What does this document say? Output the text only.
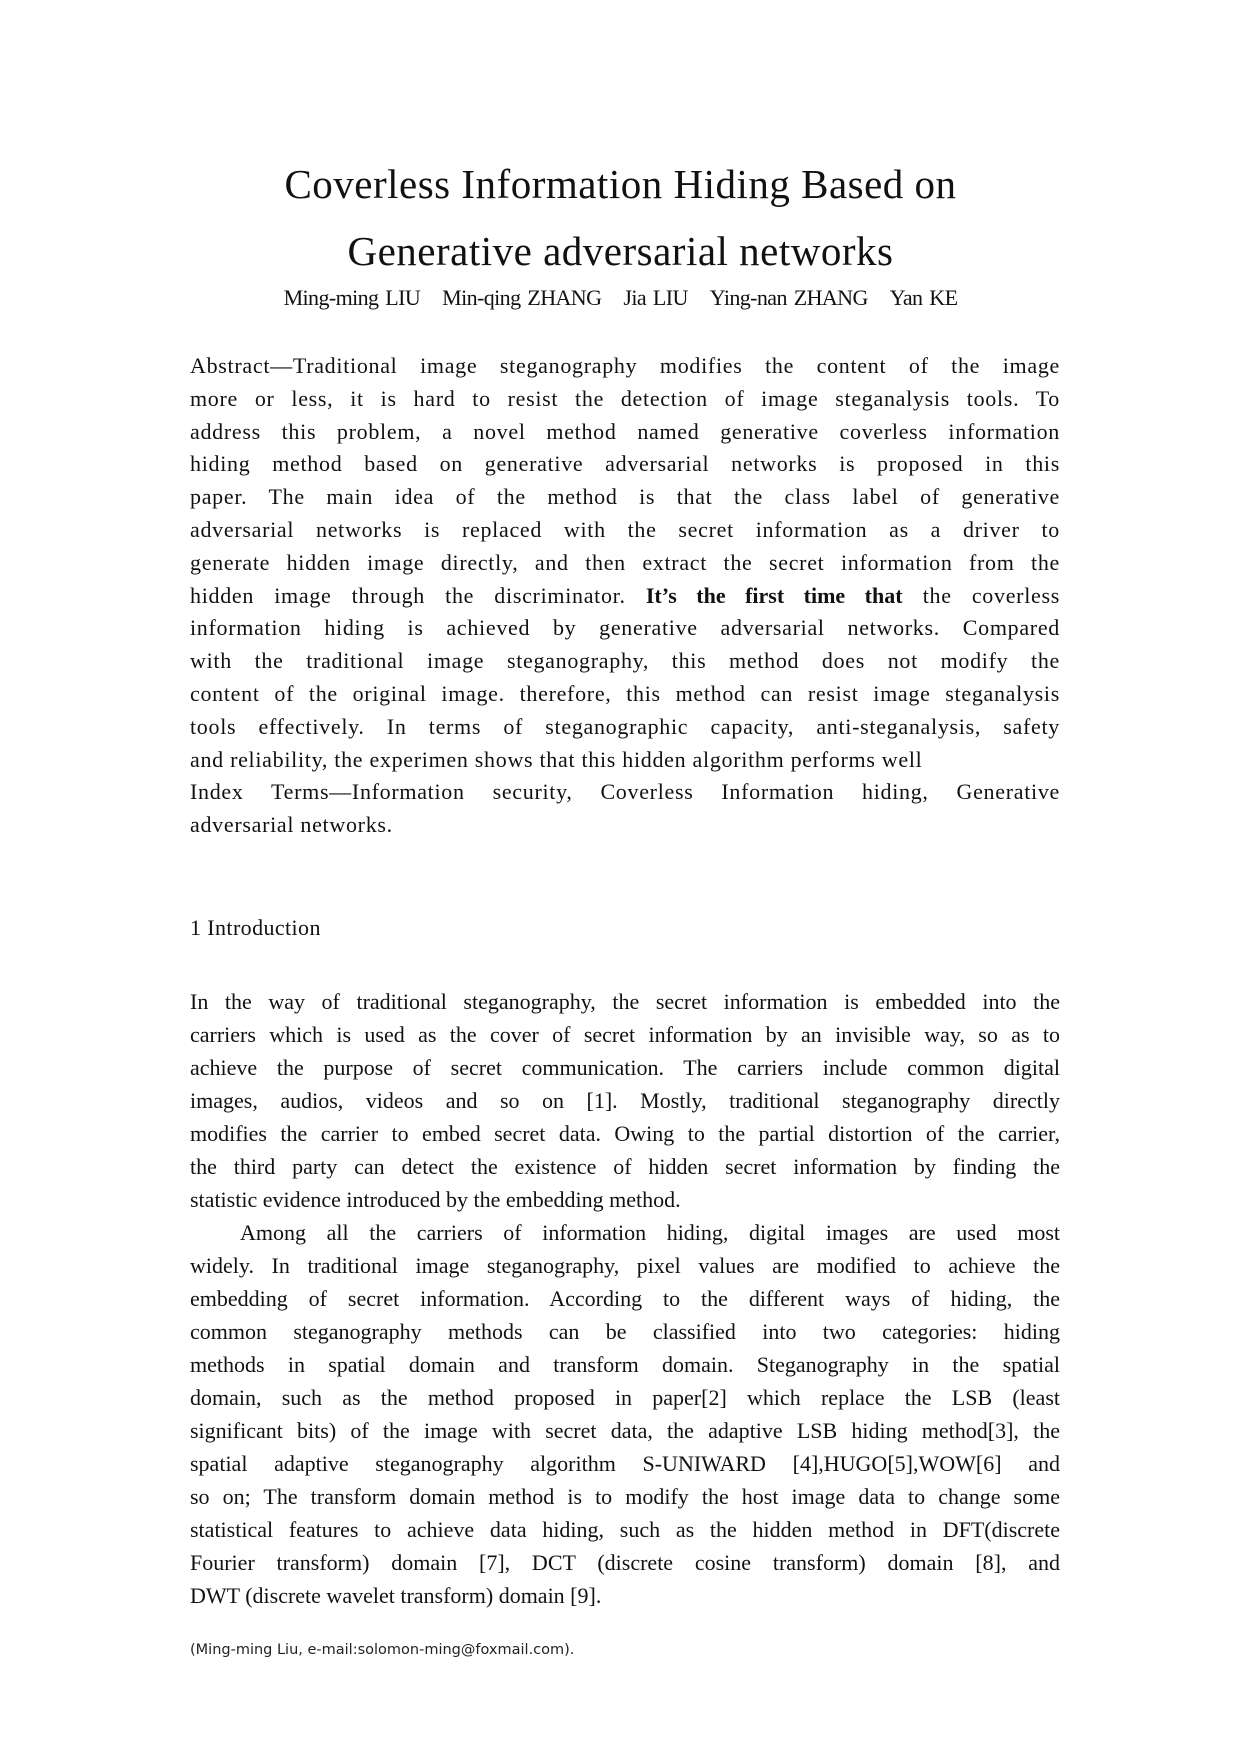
Coverless Information Hiding Based on
Generative adversarial networks
Ming-ming LIU Min-qing ZHANG Jia LIU Ying-nan ZHANG Yan KE
Abstract—Traditional image steganography modifies the content of the image
more or less, it is hard to resist the detection of image steganalysis tools. To
address this problem, a novel method named generative coverless information
hiding method based on generative adversarial networks is proposed in this
paper. The main idea of the method is that the class label of generative
adversarial networks is replaced with the secret information as a driver to
generate hidden image directly, and then extract the secret information from the
hidden image through the discriminator. It’s the first time that the coverless
information hiding is achieved by generative adversarial networks. Compared
with the traditional image steganography, this method does not modify the
content of the original image. therefore, this method can resist image steganalysis
tools effectively. In terms of steganographic capacity, anti-steganalysis, safety
and reliability, the experimen shows that this hidden algorithm performs well
Index Terms—Information security, Coverless Information hiding, Generative
adversarial networks.
1 Introduction
In the way of traditional steganography, the secret information is embedded into the
carriers which is used as the cover of secret information by an invisible way, so as to
achieve the purpose of secret communication. The carriers include common digital
images, audios, videos and so on [1]. Mostly, traditional steganography directly
modifies the carrier to embed secret data. Owing to the partial distortion of the carrier,
the third party can detect the existence of hidden secret information by finding the
statistic evidence introduced by the embedding method.
Among all the carriers of information hiding, digital images are used most
widely. In traditional image steganography, pixel values are modified to achieve the
embedding of secret information. According to the different ways of hiding, the
common steganography methods can be classified into two categories: hiding
methods in spatial domain and transform domain. Steganography in the spatial
domain, such as the method proposed in paper[2] which replace the LSB (least
significant bits) of the image with secret data, the adaptive LSB hiding method[3], the
spatial adaptive steganography algorithm S-UNIWARD [4],HUGO[5],WOW[6] and
so on; The transform domain method is to modify the host image data to change some
statistical features to achieve data hiding, such as the hidden method in DFT(discrete
Fourier transform) domain [7], DCT (discrete cosine transform) domain [8], and
DWT (discrete wavelet transform) domain [9].
(Ming-ming Liu, e-mail:solomon-ming@foxmail.com).
